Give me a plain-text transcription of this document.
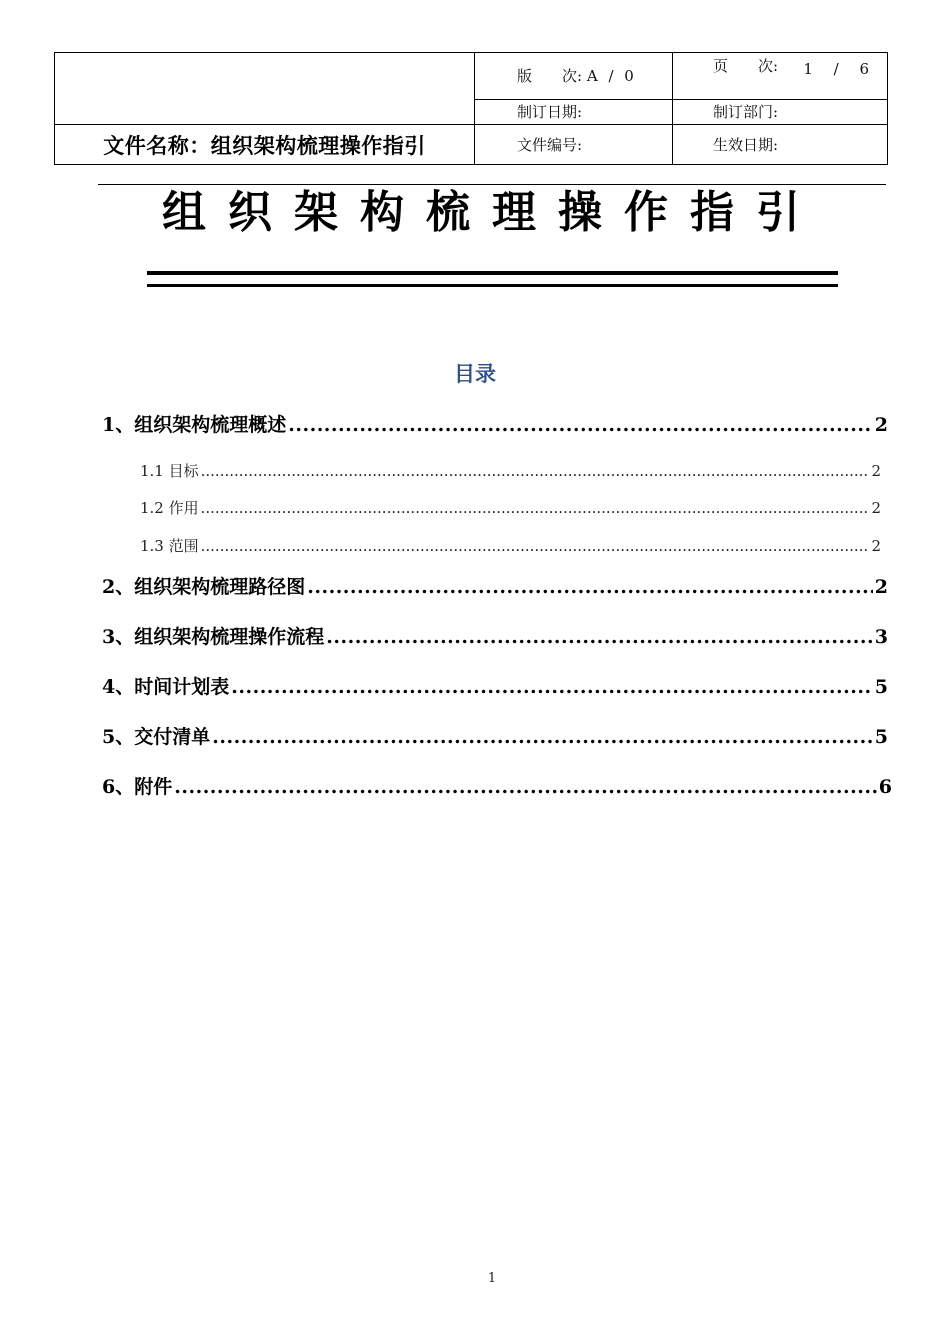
	版　　次: A / 0	页　　次: 1 / 6

	制订日期:	制订部门:
文件名称：组织架构梳理操作指引	文件编号:	生效日期:
组织架构梳理操作指引
目录
1、组织架构梳理概述 .....	2
1.1 目标 .....	2
1.2 作用 .....	2
1.3 范围 .....	2
2、组织架构梳理路径图 .....	2
3、组织架构梳理操作流程 .....	3
4、时间计划表 .....	5
5、交付清单 .....	5
6、附件 .....	6
1
